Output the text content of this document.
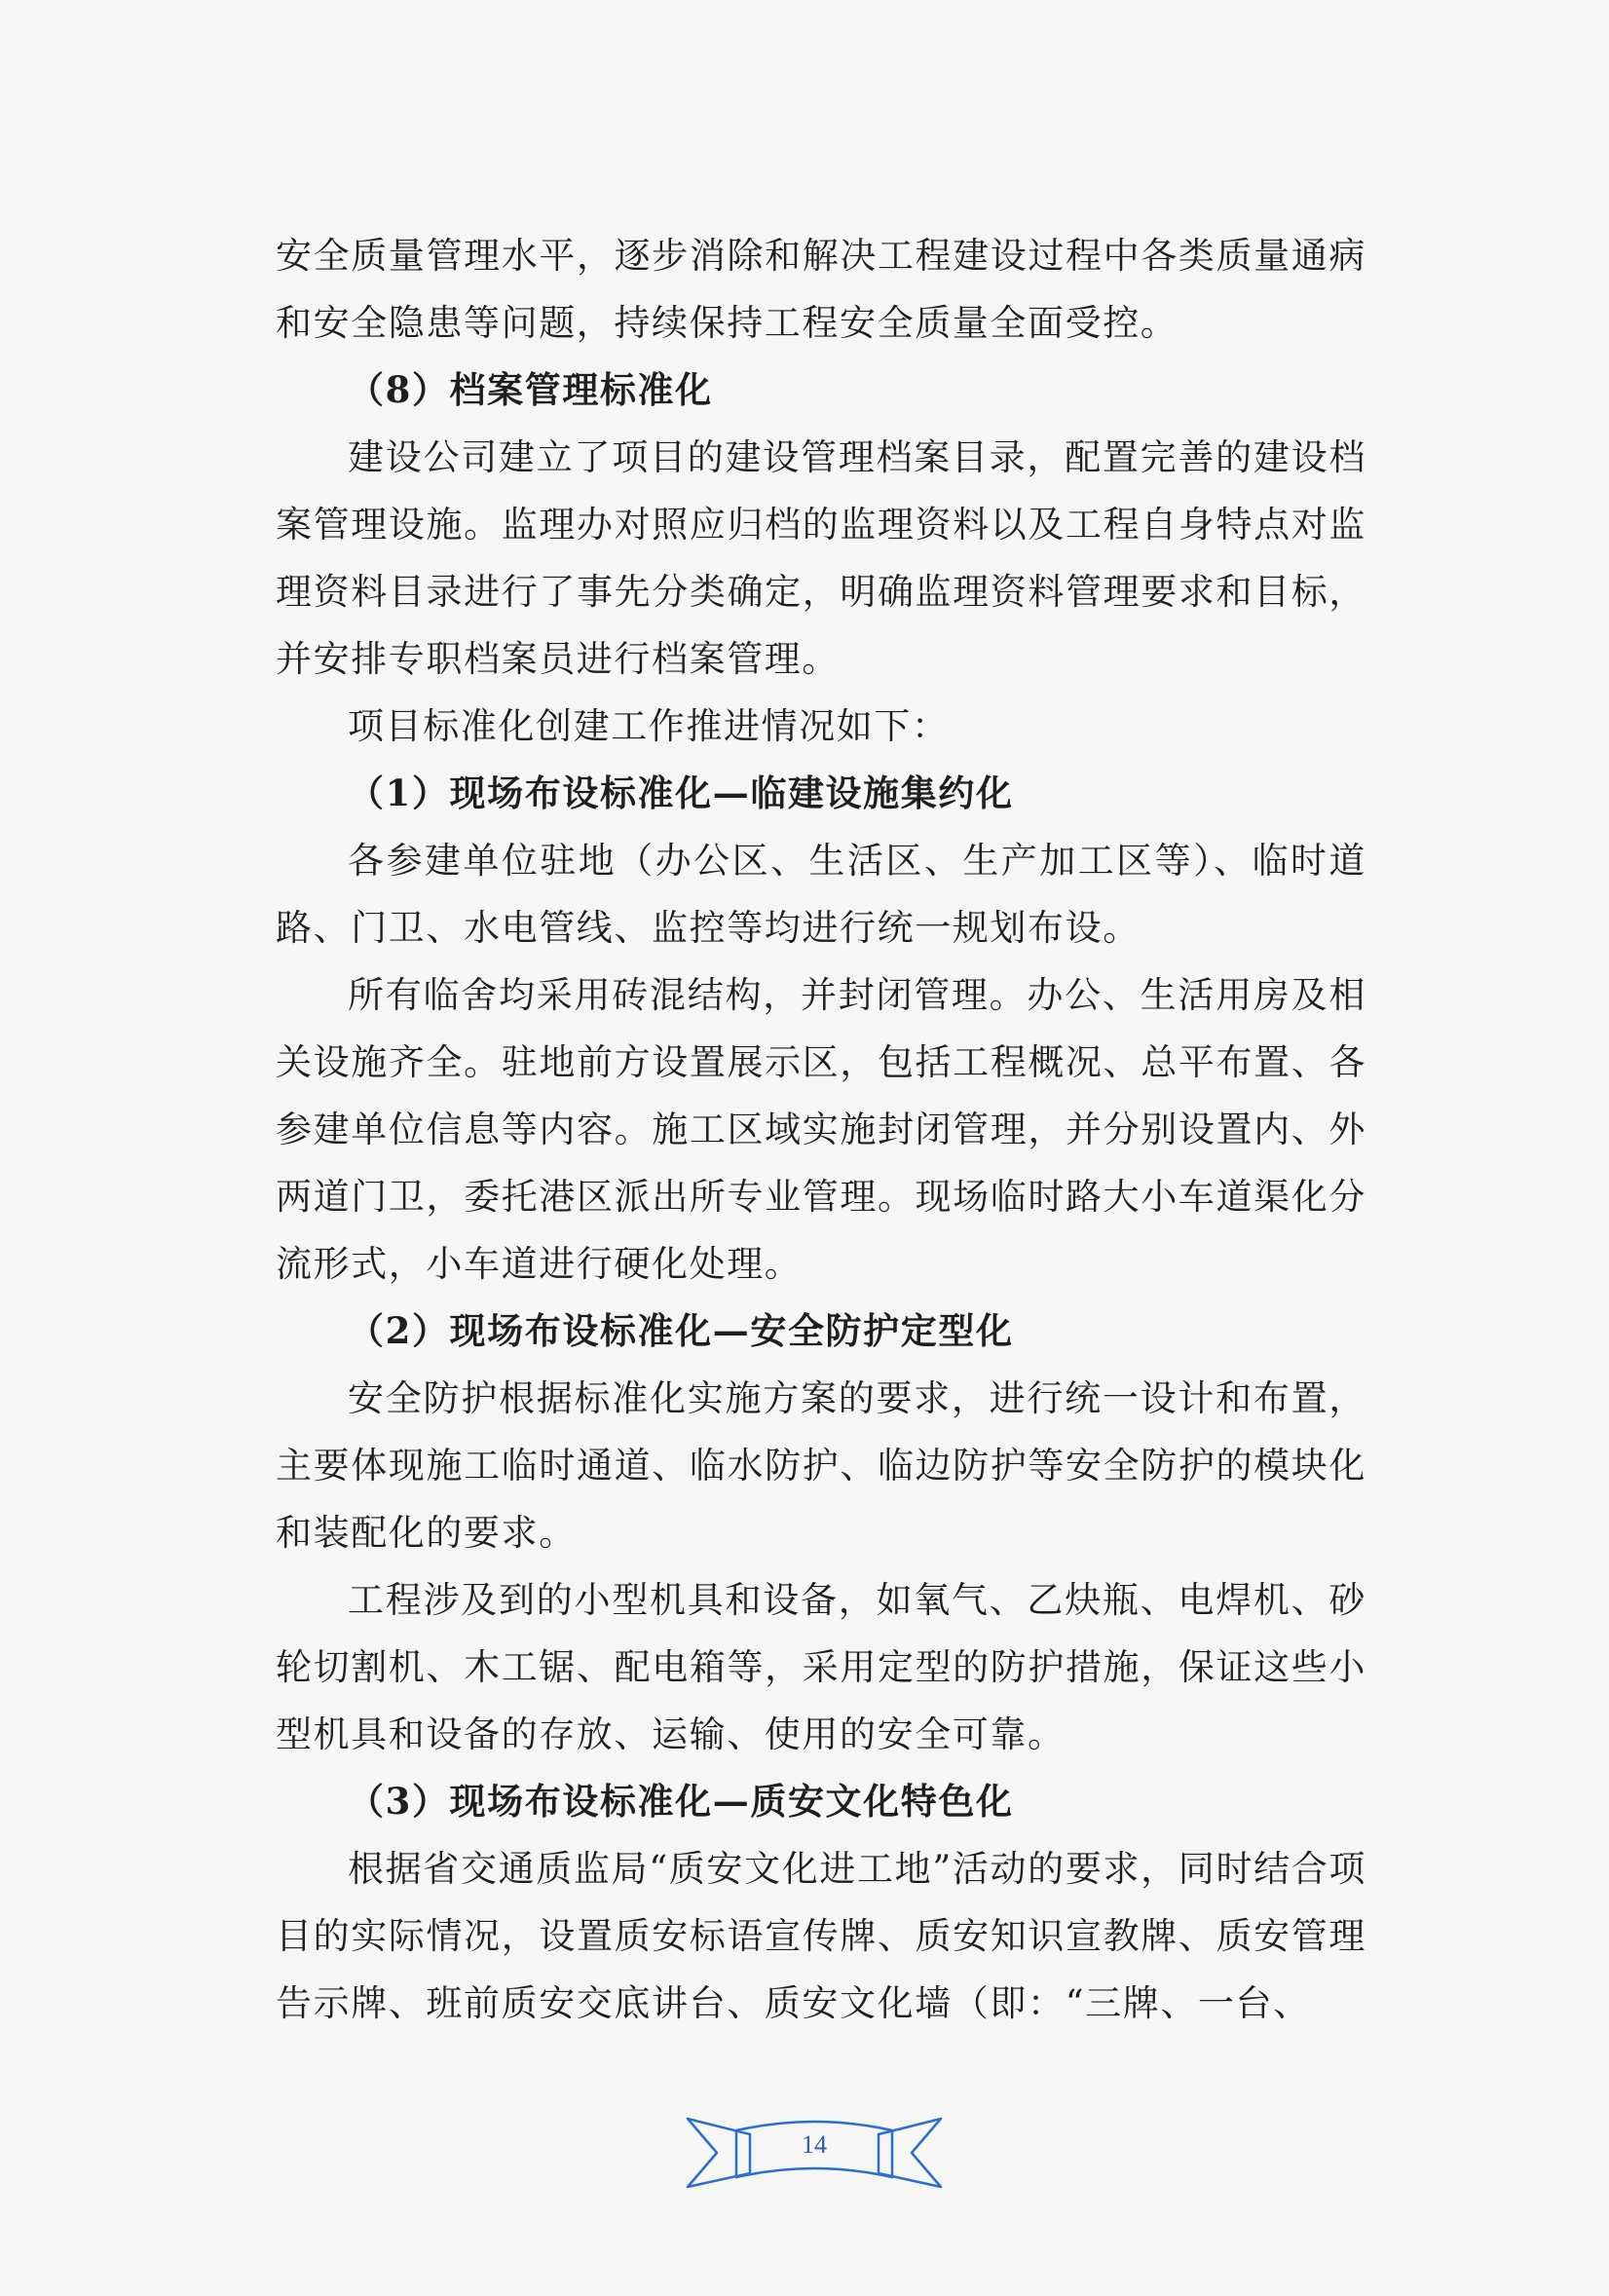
安全质量管理水平，逐步消除和解决工程建设过程中各类质量通病和安全隐患等问题，持续保持工程安全质量全面受控。

（8）档案管理标准化

建设公司建立了项目的建设管理档案目录，配置完善的建设档案管理设施。监理办对照应归档的监理资料以及工程自身特点对监理资料目录进行了事先分类确定，明确监理资料管理要求和目标，并安排专职档案员进行档案管理。

项目标准化创建工作推进情况如下：

（1）现场布设标准化—临建设施集约化

各参建单位驻地（办公区、生活区、生产加工区等）、临时道路、门卫、水电管线、监控等均进行统一规划布设。

所有临舍均采用砖混结构，并封闭管理。办公、生活用房及相关设施齐全。驻地前方设置展示区，包括工程概况、总平布置、各参建单位信息等内容。施工区域实施封闭管理，并分别设置内、外两道门卫，委托港区派出所专业管理。现场临时路大小车道渠化分流形式，小车道进行硬化处理。

（2）现场布设标准化—安全防护定型化

安全防护根据标准化实施方案的要求，进行统一设计和布置，主要体现施工临时通道、临水防护、临边防护等安全防护的模块化和装配化的要求。

工程涉及到的小型机具和设备，如氧气、乙炔瓶、电焊机、砂轮切割机、木工锯、配电箱等，采用定型的防护措施，保证这些小型机具和设备的存放、运输、使用的安全可靠。

（3）现场布设标准化—质安文化特色化

根据省交通质监局“质安文化进工地”活动的要求，同时结合项目的实际情况，设置质安标语宣传牌、质安知识宣教牌、质安管理告示牌、班前质安交底讲台、质安文化墙（即：“三牌、一台、

14
